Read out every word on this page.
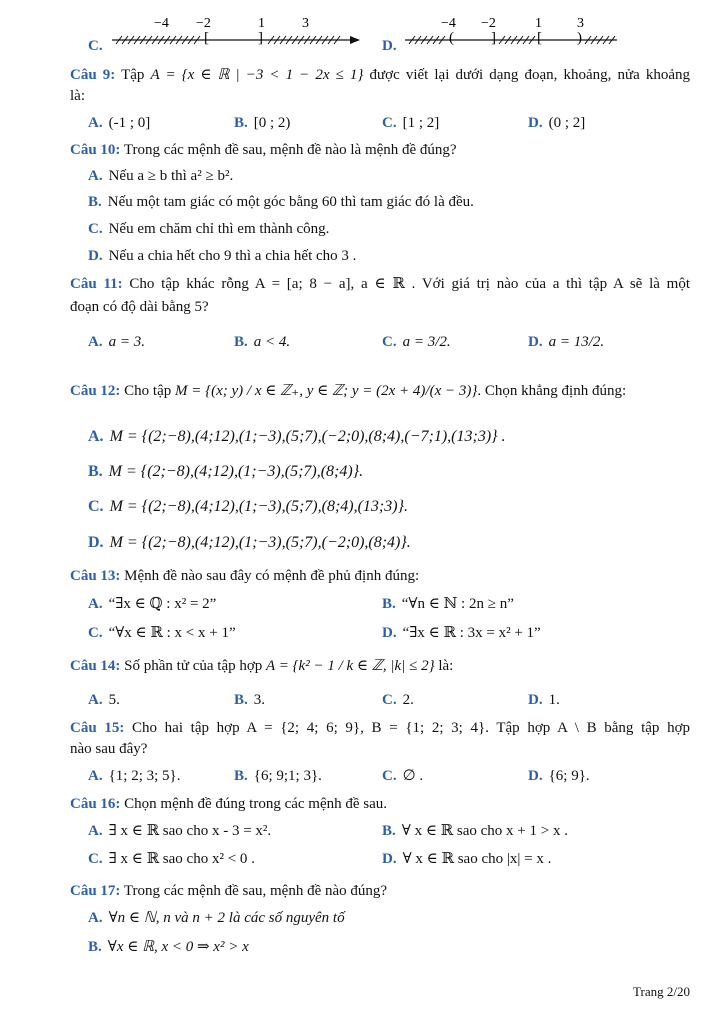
C.	[	]
−4 −2	1	3
D.	( ]	[ )
−4 −2	1	3
Câu 9: Tập A = {x ∈ ℝ | −3 < 1 − 2x ≤ 1} được viết lại dưới dạng đoạn, khoảng, nửa khoảng
là:
A. (-1 ; 0]	B. [0 ; 2)	C. [1 ; 2]	D. (0 ; 2]
Câu 10: Trong các mệnh đề sau, mệnh đề nào là mệnh đề đúng?
A. Nếu a ≥ b thì a² ≥ b².
B. Nếu một tam giác có một góc bằng 60 thì tam giác đó là đều.
C. Nếu em chăm chỉ thì em thành công.
D. Nếu a chia hết cho 9 thì a chia hết cho 3 .
Câu 11: Cho tập khác rỗng A = [a; 8 − a], a ∈ ℝ . Với giá trị nào của a thì tập A sẽ là một
đoạn có độ dài bằng 5?
A. a = 3.	B. a < 4.	C. a = 3/2.	D. a = 13/2.
Câu 12: Cho tập M = {(x; y) / x ∈ ℤ₊, y ∈ ℤ; y = (2x + 4)/(x − 3)}. Chọn khẳng định đúng:
A. M = {(2;−8),(4;12),(1;−3),(5;7),(−2;0),(8;4),(−7;1),(13;3)} .
B. M = {(2;−8),(4;12),(1;−3),(5;7),(8;4)}.
C. M = {(2;−8),(4;12),(1;−3),(5;7),(8;4),(13;3)}.
D. M = {(2;−8),(4;12),(1;−3),(5;7),(−2;0),(8;4)}.
Câu 13: Mệnh đề nào sau đây có mệnh đề phủ định đúng:
A. “∃x ∈ ℚ : x² = 2”	B. “∀n ∈ ℕ : 2n ≥ n”
C. “∀x ∈ ℝ : x < x + 1”	D. “∃x ∈ ℝ : 3x = x² + 1”
Câu 14: Số phần tử của tập hợp A = {k² − 1 / k ∈ ℤ, |k| ≤ 2} là:
A. 5.	B. 3.	C. 2.	D. 1.
Câu 15: Cho hai tập hợp A = {2; 4; 6; 9}, B = {1; 2; 3; 4}. Tập hợp A \ B bằng tập hợp
nào sau đây?
A. {1; 2; 3; 5}.	B. {6; 9;1; 3}.	C. ∅ .	D. {6; 9}.
Câu 16: Chọn mệnh đề đúng trong các mệnh đề sau.
A. ∃ x ∈ ℝ sao cho x - 3 = x².	B. ∀ x ∈ ℝ sao cho x + 1 > x .
C. ∃ x ∈ ℝ sao cho x² < 0 .	D. ∀ x ∈ ℝ sao cho |x| = x .
Câu 17: Trong các mệnh đề sau, mệnh đề nào đúng?
A. ∀n ∈ ℕ, n và n + 2 là các số nguyên tố
B. ∀x ∈ ℝ, x < 0 ⇒ x² > x
Trang 2/20
